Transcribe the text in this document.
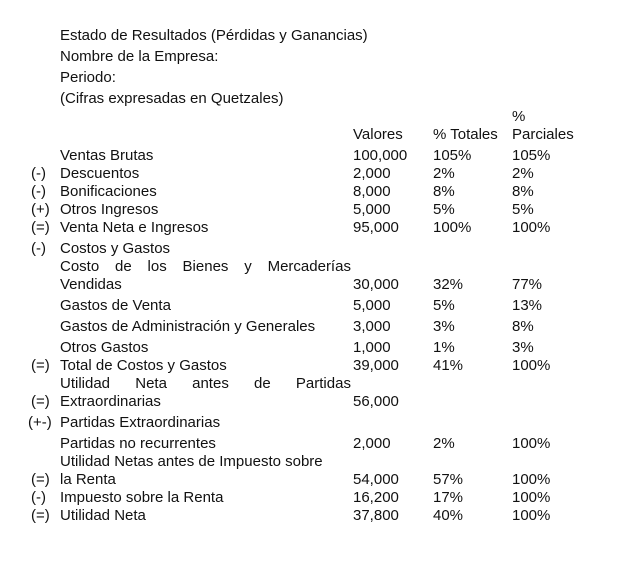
Estado de Resultados (Pérdidas y Ganancias)
Nombre de la Empresa:
Periodo:
(Cifras expresadas en Quetzales)
%
Valores % Totales Parciales
Ventas Brutas	100,000 105%	105%
(-) Descuentos	2,000	2%	2%
(-) Bonificaciones	8,000	8%	8%
(+) Otros Ingresos	5,000	5%	5%
(=) Venta Neta e Ingresos	95,000 100%	100%
(-) Costos y Gastos
Costo de los Bienes y Mercaderías
Vendidas	30,000 32%	77%
Gastos de Venta	5,000	5%	13%
Gastos de Administración y Generales	3,000	3%	8%
Otros Gastos	1,000	1%	3%
(=) Total de Costos y Gastos	39,000 41%	100%
Utilidad Neta antes de Partidas
(=) Extraordinarias	56,000
(+-) Partidas Extraordinarias
Partidas no recurrentes	2,000	2%	100%
Utilidad Netas antes de Impuesto sobre
(=) la Renta	54,000 57%	100%
(-) Impuesto sobre la Renta	16,200 17%	100%
(=) Utilidad Neta	37,800 40%	100%
